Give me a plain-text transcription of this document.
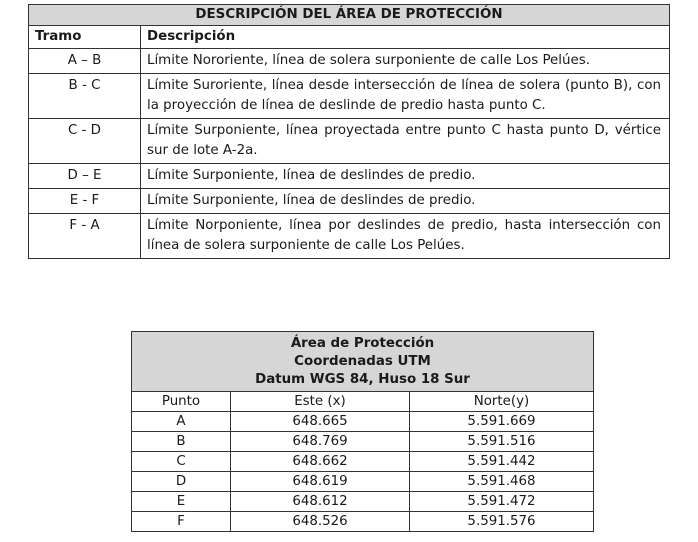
DESCRIPCIÓN DEL ÁREA DE PROTECCIÓN	
Tramo	Descripción
A – B	Límite Nororiente, línea de solera surponiente de calle Los Pelúes.
B - C	Límite Suroriente, línea desde intersección de línea de solera (punto B), con la proyección de línea de deslinde de predio hasta punto C.
C - D	Límite Surponiente, línea proyectada entre punto C hasta punto D, vértice sur de lote A-2a.
D – E	Límite Surponiente, línea de deslindes de predio.
E - F	Límite Surponiente, línea de deslindes de predio.
F - A	Límite Norponiente, línea por deslindes de predio, hasta intersección con línea de solera surponiente de calle Los Pelúes.
Área de Protección
Coordenadas UTM
Datum WGS 84, Huso 18 Sur		

Punto	Este (x)	Norte(y)
A	648.665	5.591.669
B	648.769	5.591.516
C	648.662	5.591.442
D	648.619	5.591.468
E	648.612	5.591.472
F	648.526	5.591.576
